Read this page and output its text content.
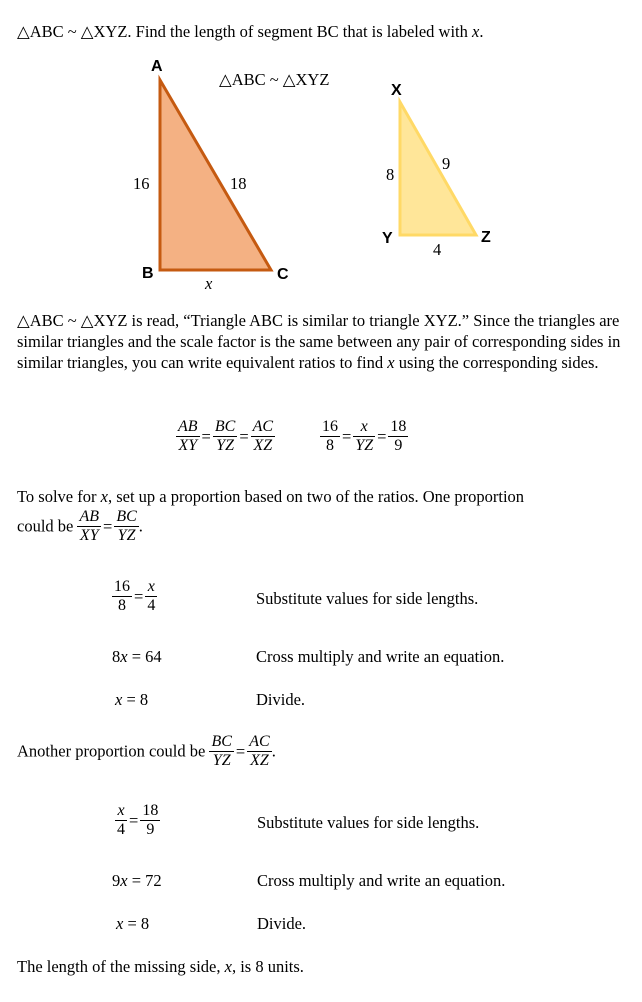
△ABC ~ △XYZ. Find the length of segment BC that is labeled with x.
A
B	C
16	18
x
△ABC ~ △XYZ
X
Y	Z
8
9
4
△ABC ~ △XYZ is read, “Triangle ABC is similar to triangle XYZ.” Since the triangles are similar triangles and the scale factor is the same between any pair of corresponding sides in similar triangles, you can write equivalent ratios to find x using the corresponding sides.
$\frac{AB}{XY} = \frac{BC}{YZ} = \frac{AC}{XZ}$	$\frac{16}{8} = \frac{x}{YZ} = \frac{18}{9}$
To solve for x, set up a proportion based on two of the ratios. One proportion
could be $\frac{AB}{XY} = \frac{BC}{YZ}$ .
$\frac{16}{8} = \frac{x}{4}$	Substitute values for side lengths.
8x = 64	Cross multiply and write an equation.
x = 8	Divide.
Another proportion could be $\frac{BC}{YZ} = \frac{AC}{XZ}$ .
$\frac{x}{4} = \frac{18}{9}$	Substitute values for side lengths.
9x = 72	Cross multiply and write an equation.
x = 8	Divide.
The length of the missing side, x, is 8 units.
